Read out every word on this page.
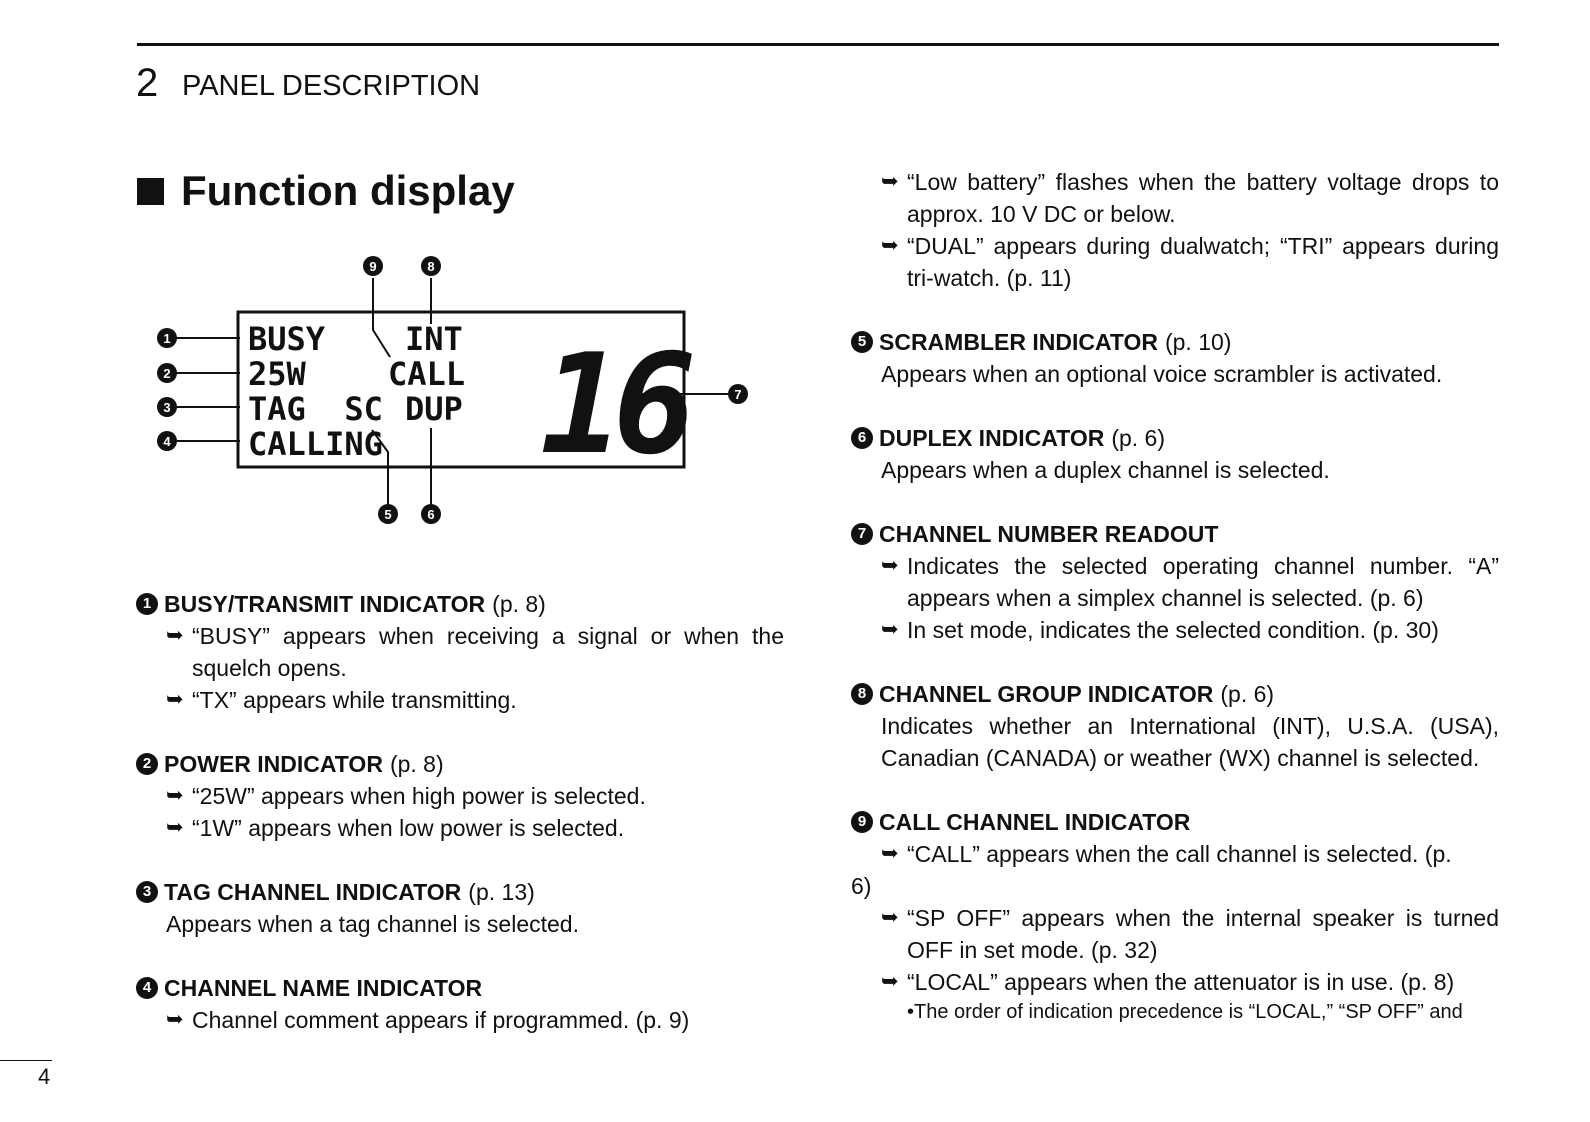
2 PANEL DESCRIPTION
Function display
BUSY
25W
TAG  SC
CALLING
INT
CALL
DUP 16
1
2
3
4
5	6
7
8
9
1 BUSY/TRANSMIT INDICATOR (p. 8)
➥ “BUSY” appears when receiving a signal or when the squelch opens.
➥ “TX” appears while transmitting.
2 POWER INDICATOR (p. 8)
➥ “25W” appears when high power is selected.
➥ “1W” appears when low power is selected.
3 TAG CHANNEL INDICATOR (p. 13)
Appears when a tag channel is selected.
4 CHANNEL NAME INDICATOR
➥ Channel comment appears if programmed. (p. 9)
➥ “Low battery” flashes when the battery voltage drops to approx. 10 V DC or below.
➥ “DUAL” appears during dualwatch; “TRI” appears during tri-watch. (p. 11)
5 SCRAMBLER INDICATOR (p. 10)
Appears when an optional voice scrambler is activated.
6 DUPLEX INDICATOR (p. 6)
Appears when a duplex channel is selected.
7 CHANNEL NUMBER READOUT
➥ Indicates the selected operating channel number. “A” appears when a simplex channel is selected. (p. 6)
➥ In set mode, indicates the selected condition. (p. 30)
8 CHANNEL GROUP INDICATOR (p. 6)
Indicates whether an International (INT), U.S.A. (USA), Canadian (CANADA) or weather (WX) channel is selected.
9 CALL CHANNEL INDICATOR
➥ “CALL” appears when the call channel is selected. (p.
6)
➥ “SP OFF” appears when the internal speaker is turned OFF in set mode. (p. 32)
➥ “LOCAL” appears when the attenuator is in use. (p. 8)
•The order of indication precedence is “LOCAL,” “SP OFF” and
4
